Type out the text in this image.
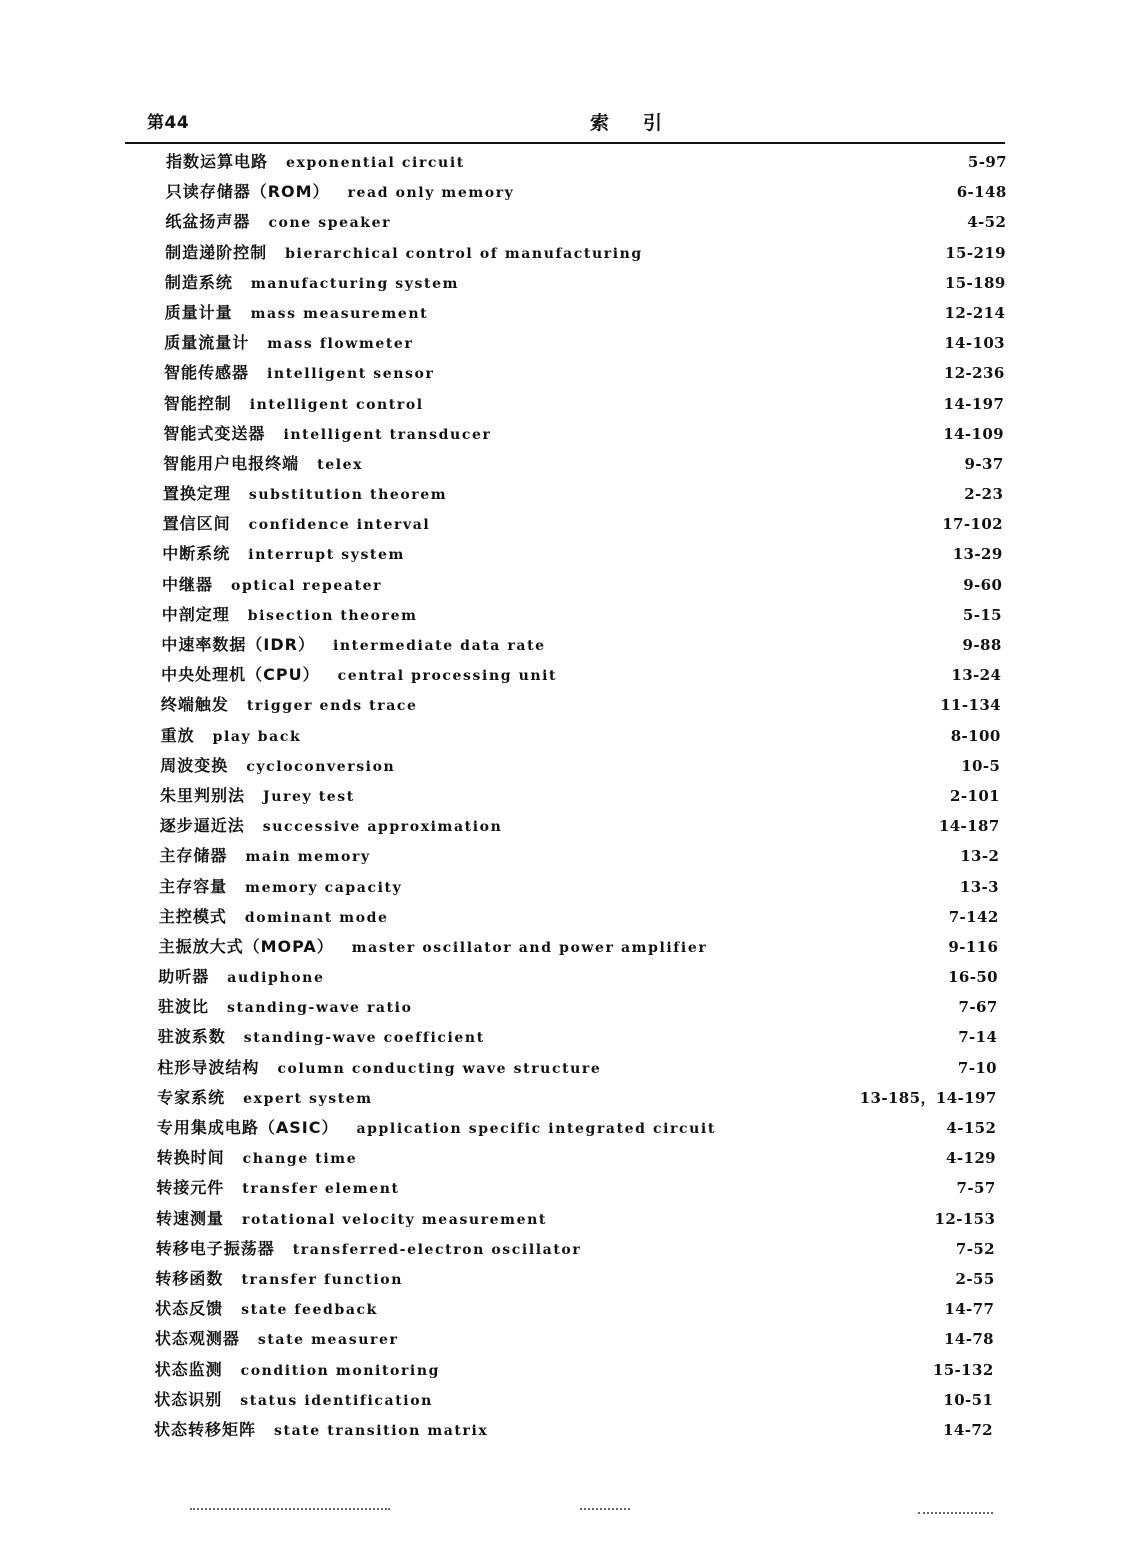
第44	索引
指数运算电路 exponential circuit	5-97
只读存储器（ROM） read only memory	6-148
纸盆扬声器 cone speaker	4-52
制造递阶控制 bierarchical control of manufacturing	15-219
制造系统 manufacturing system	15-189
质量计量 mass measurement	12-214
质量流量计 mass flowmeter	14-103
智能传感器 intelligent sensor	12-236
智能控制 intelligent control	14-197
智能式变送器 intelligent transducer	14-109
智能用户电报终端 telex	9-37
置换定理 substitution theorem	2-23
置信区间 confidence interval	17-102
中断系统 interrupt system	13-29
中继器 optical repeater	9-60
中剖定理 bisection theorem	5-15
中速率数据（IDR） intermediate data rate	9-88
中央处理机（CPU） central processing unit	13-24
终端触发 trigger ends trace	11-134
重放 play back	8-100
周波变换 cycloconversion	10-5
朱里判别法 Jurey test	2-101
逐步逼近法 successive approximation	14-187
主存储器 main memory	13-2
主存容量 memory capacity	13-3
主控模式 dominant mode	7-142
主振放大式（MOPA） master oscillator and power amplifier	9-116
助听器 audiphone	16-50
驻波比 standing-wave ratio	7-67
驻波系数 standing-wave coefficient	7-14
柱形导波结构 column conducting wave structure	7-10
专家系统 expert system	13-185，14-197
专用集成电路（ASIC） application specific integrated circuit	4-152
转换时间 change time	4-129
转接元件 transfer element	7-57
转速测量 rotational velocity measurement	12-153
转移电子振荡器 transferred-electron oscillator	7-52
转移函数 transfer function	2-55
状态反馈 state feedback	14-77
状态观测器 state measurer	14-78
状态监测 condition monitoring	15-132
状态识别 status identification	10-51
状态转移矩阵 state transition matrix	14-72
